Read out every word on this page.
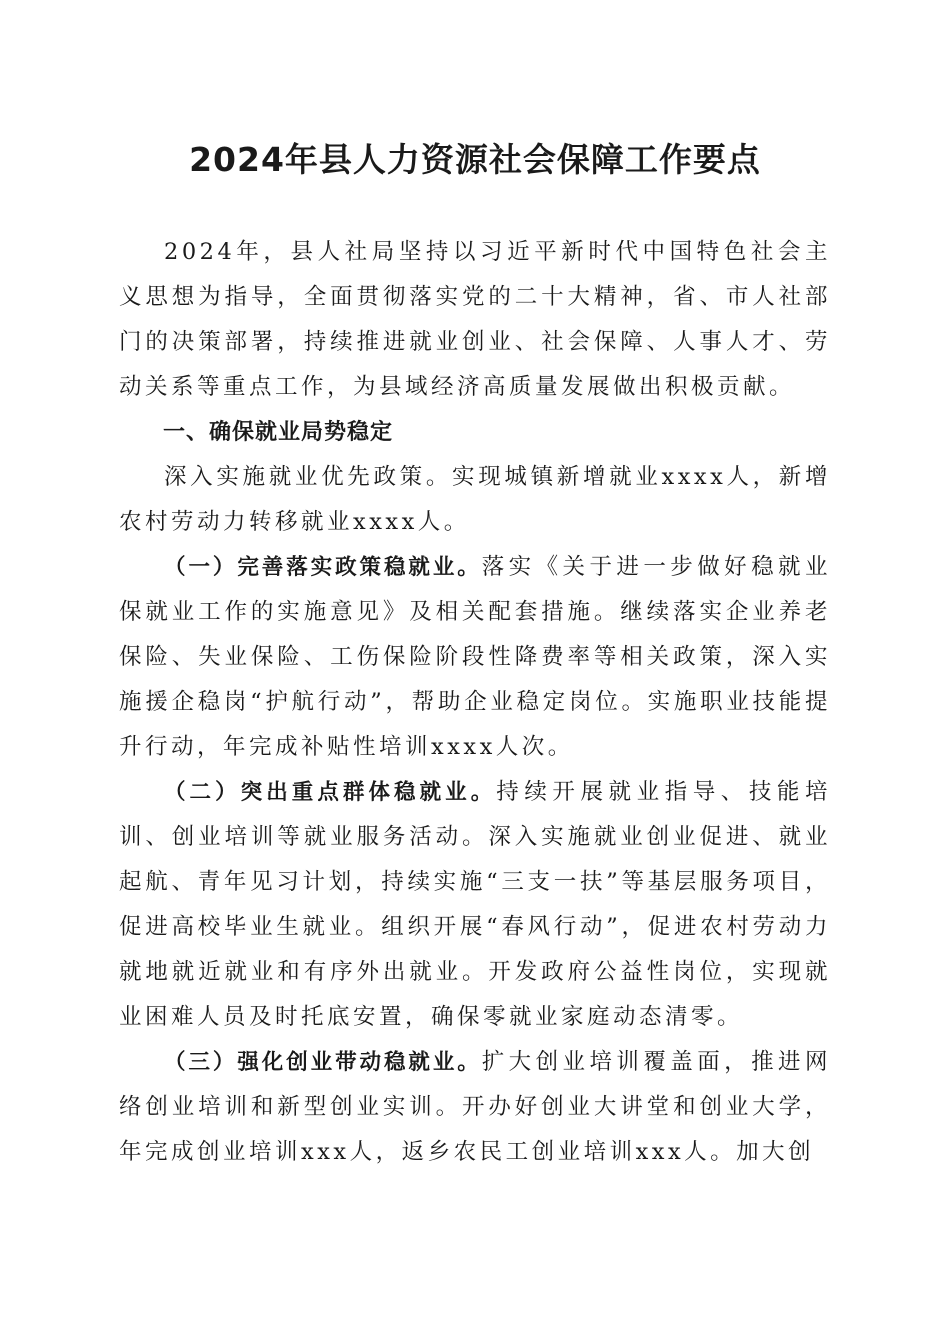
2024年县人力资源社会保障工作要点

2024年，县人社局坚持以习近平新时代中国特色社会主义思想为指导，全面贯彻落实党的二十大精神，省、市人社部门的决策部署，持续推进就业创业、社会保障、人事人才、劳动关系等重点工作，为县域经济高质量发展做出积极贡献。

一、确保就业局势稳定

深入实施就业优先政策。实现城镇新增就业xxxx人，新增农村劳动力转移就业xxxx人。

（一）完善落实政策稳就业。落实《关于进一步做好稳就业保就业工作的实施意见》及相关配套措施。继续落实企业养老保险、失业保险、工伤保险阶段性降费率等相关政策，深入实施援企稳岗“护航行动”，帮助企业稳定岗位。实施职业技能提升行动，年完成补贴性培训xxxx人次。

（二）突出重点群体稳就业。持续开展就业指导、技能培训、创业培训等就业服务活动。深入实施就业创业促进、就业起航、青年见习计划，持续实施“三支一扶”等基层服务项目，促进高校毕业生就业。组织开展“春风行动”，促进农村劳动力就地就近就业和有序外出就业。开发政府公益性岗位，实现就业困难人员及时托底安置，确保零就业家庭动态清零。

（三）强化创业带动稳就业。扩大创业培训覆盖面，推进网络创业培训和新型创业实训。开办好创业大讲堂和创业大学，年完成创业培训xxx人，返乡农民工创业培训xxx人。加大创
